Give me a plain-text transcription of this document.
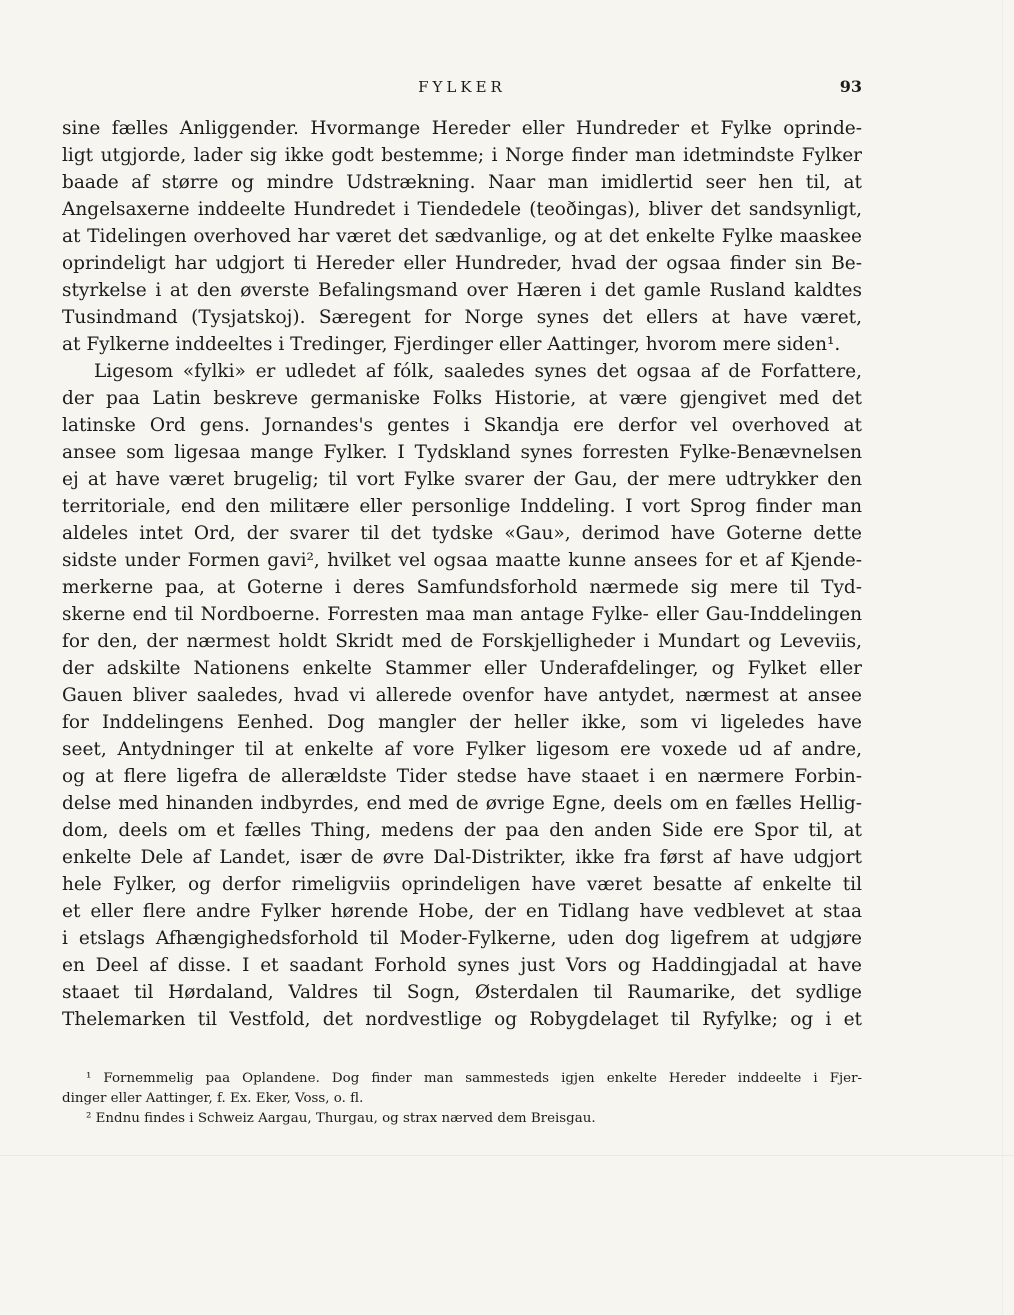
FYLKER	93
sine fælles Anliggender. Hvormange Hereder eller Hundreder et Fylke oprinde-
ligt utgjorde, lader sig ikke godt bestemme; i Norge finder man idetmindste Fylker
baade af større og mindre Udstrækning. Naar man imidlertid seer hen til, at
Angelsaxerne inddeelte Hundredet i Tiendedele (teoðingas), bliver det sandsynligt,
at Tidelingen overhoved har været det sædvanlige, og at det enkelte Fylke maaskee
oprindeligt har udgjort ti Hereder eller Hundreder, hvad der ogsaa finder sin Be-
styrkelse i at den øverste Befalingsmand over Hæren i det gamle Rusland kaldtes
Tusindmand (Tysjatskoj). Særegent for Norge synes det ellers at have været,
at Fylkerne inddeeltes i Tredinger, Fjerdinger eller Aattinger, hvorom mere siden¹.
Ligesom «fylki» er udledet af fólk, saaledes synes det ogsaa af de Forfattere,
der paa Latin beskreve germaniske Folks Historie, at være gjengivet med det
latinske Ord gens. Jornandes's gentes i Skandja ere derfor vel overhoved at
ansee som ligesaa mange Fylker. I Tydskland synes forresten Fylke-Benævnelsen
ej at have været brugelig; til vort Fylke svarer der Gau, der mere udtrykker den
territoriale, end den militære eller personlige Inddeling. I vort Sprog finder man
aldeles intet Ord, der svarer til det tydske «Gau», derimod have Goterne dette
sidste under Formen gavi², hvilket vel ogsaa maatte kunne ansees for et af Kjende-
merkerne paa, at Goterne i deres Samfundsforhold nærmede sig mere til Tyd-
skerne end til Nordboerne. Forresten maa man antage Fylke- eller Gau-Inddelingen
for den, der nærmest holdt Skridt med de Forskjelligheder i Mundart og Leveviis,
der adskilte Nationens enkelte Stammer eller Underafdelinger, og Fylket eller
Gauen bliver saaledes, hvad vi allerede ovenfor have antydet, nærmest at ansee
for Inddelingens Eenhed. Dog mangler der heller ikke, som vi ligeledes have
seet, Antydninger til at enkelte af vore Fylker ligesom ere voxede ud af andre,
og at flere ligefra de allerældste Tider stedse have staaet i en nærmere Forbin-
delse med hinanden indbyrdes, end med de øvrige Egne, deels om en fælles Hellig-
dom, deels om et fælles Thing, medens der paa den anden Side ere Spor til, at
enkelte Dele af Landet, især de øvre Dal-Distrikter, ikke fra først af have udgjort
hele Fylker, og derfor rimeligviis oprindeligen have været besatte af enkelte til
et eller flere andre Fylker hørende Hobe, der en Tidlang have vedblevet at staa
i etslags Afhængighedsforhold til Moder-Fylkerne, uden dog ligefrem at udgjøre
en Deel af disse. I et saadant Forhold synes just Vors og Haddingjadal at have
staaet til Hørdaland, Valdres til Sogn, Østerdalen til Raumarike, det sydlige
Thelemarken til Vestfold, det nordvestlige og Robygdelaget til Ryfylke; og i et
¹ Fornemmelig paa Oplandene. Dog finder man sammesteds igjen enkelte Hereder inddeelte i Fjer-
dinger eller Aattinger, f. Ex. Eker, Voss, o. fl.
² Endnu findes i Schweiz Aargau, Thurgau, og strax nærved dem Breisgau.
